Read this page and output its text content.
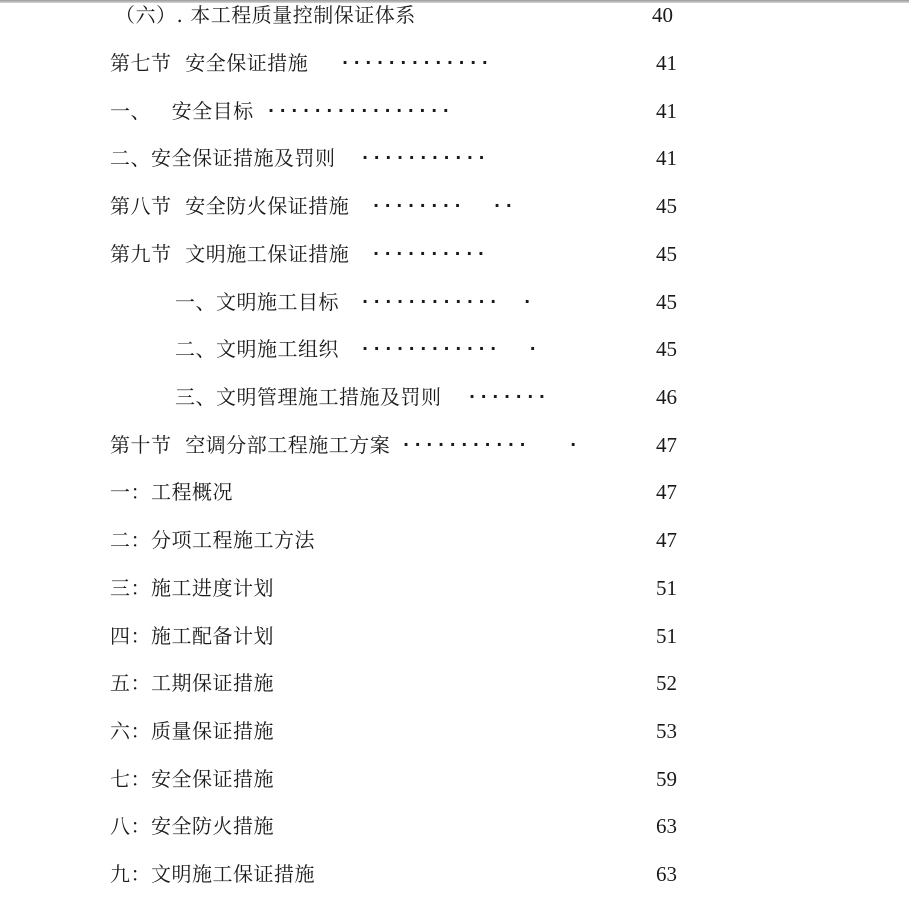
（六）. 本工程质量控制保证体系	40
第七节  安全保证措施 · · · · · · · · · · · · ·	41
一、   安全目标 · · · · · · · · · · · · · · · ·	41
二、安全保证措施及罚则 · · · · · · · · · · ·	41
第八节  安全防火保证措施 · · · · · · · ·      · ·	45
第九节  文明施工保证措施 · · · · · · · · · ·	45
一、文明施工目标 · · · · · · · · · · · ·     ·	45
二、文明施工组织 · · · · · · · · · · · ·      ·	45
三、文明管理施工措施及罚则 · · · · · · ·	46
第十节  空调分部工程施工方案 · · · · · · · · · · ·        ·	47
一：工程概况	47
二：分项工程施工方法	47
三：施工进度计划	51
四：施工配备计划	51
五：工期保证措施	52
六：质量保证措施	53
七：安全保证措施	59
八：安全防火措施	63
九：文明施工保证措施	63
